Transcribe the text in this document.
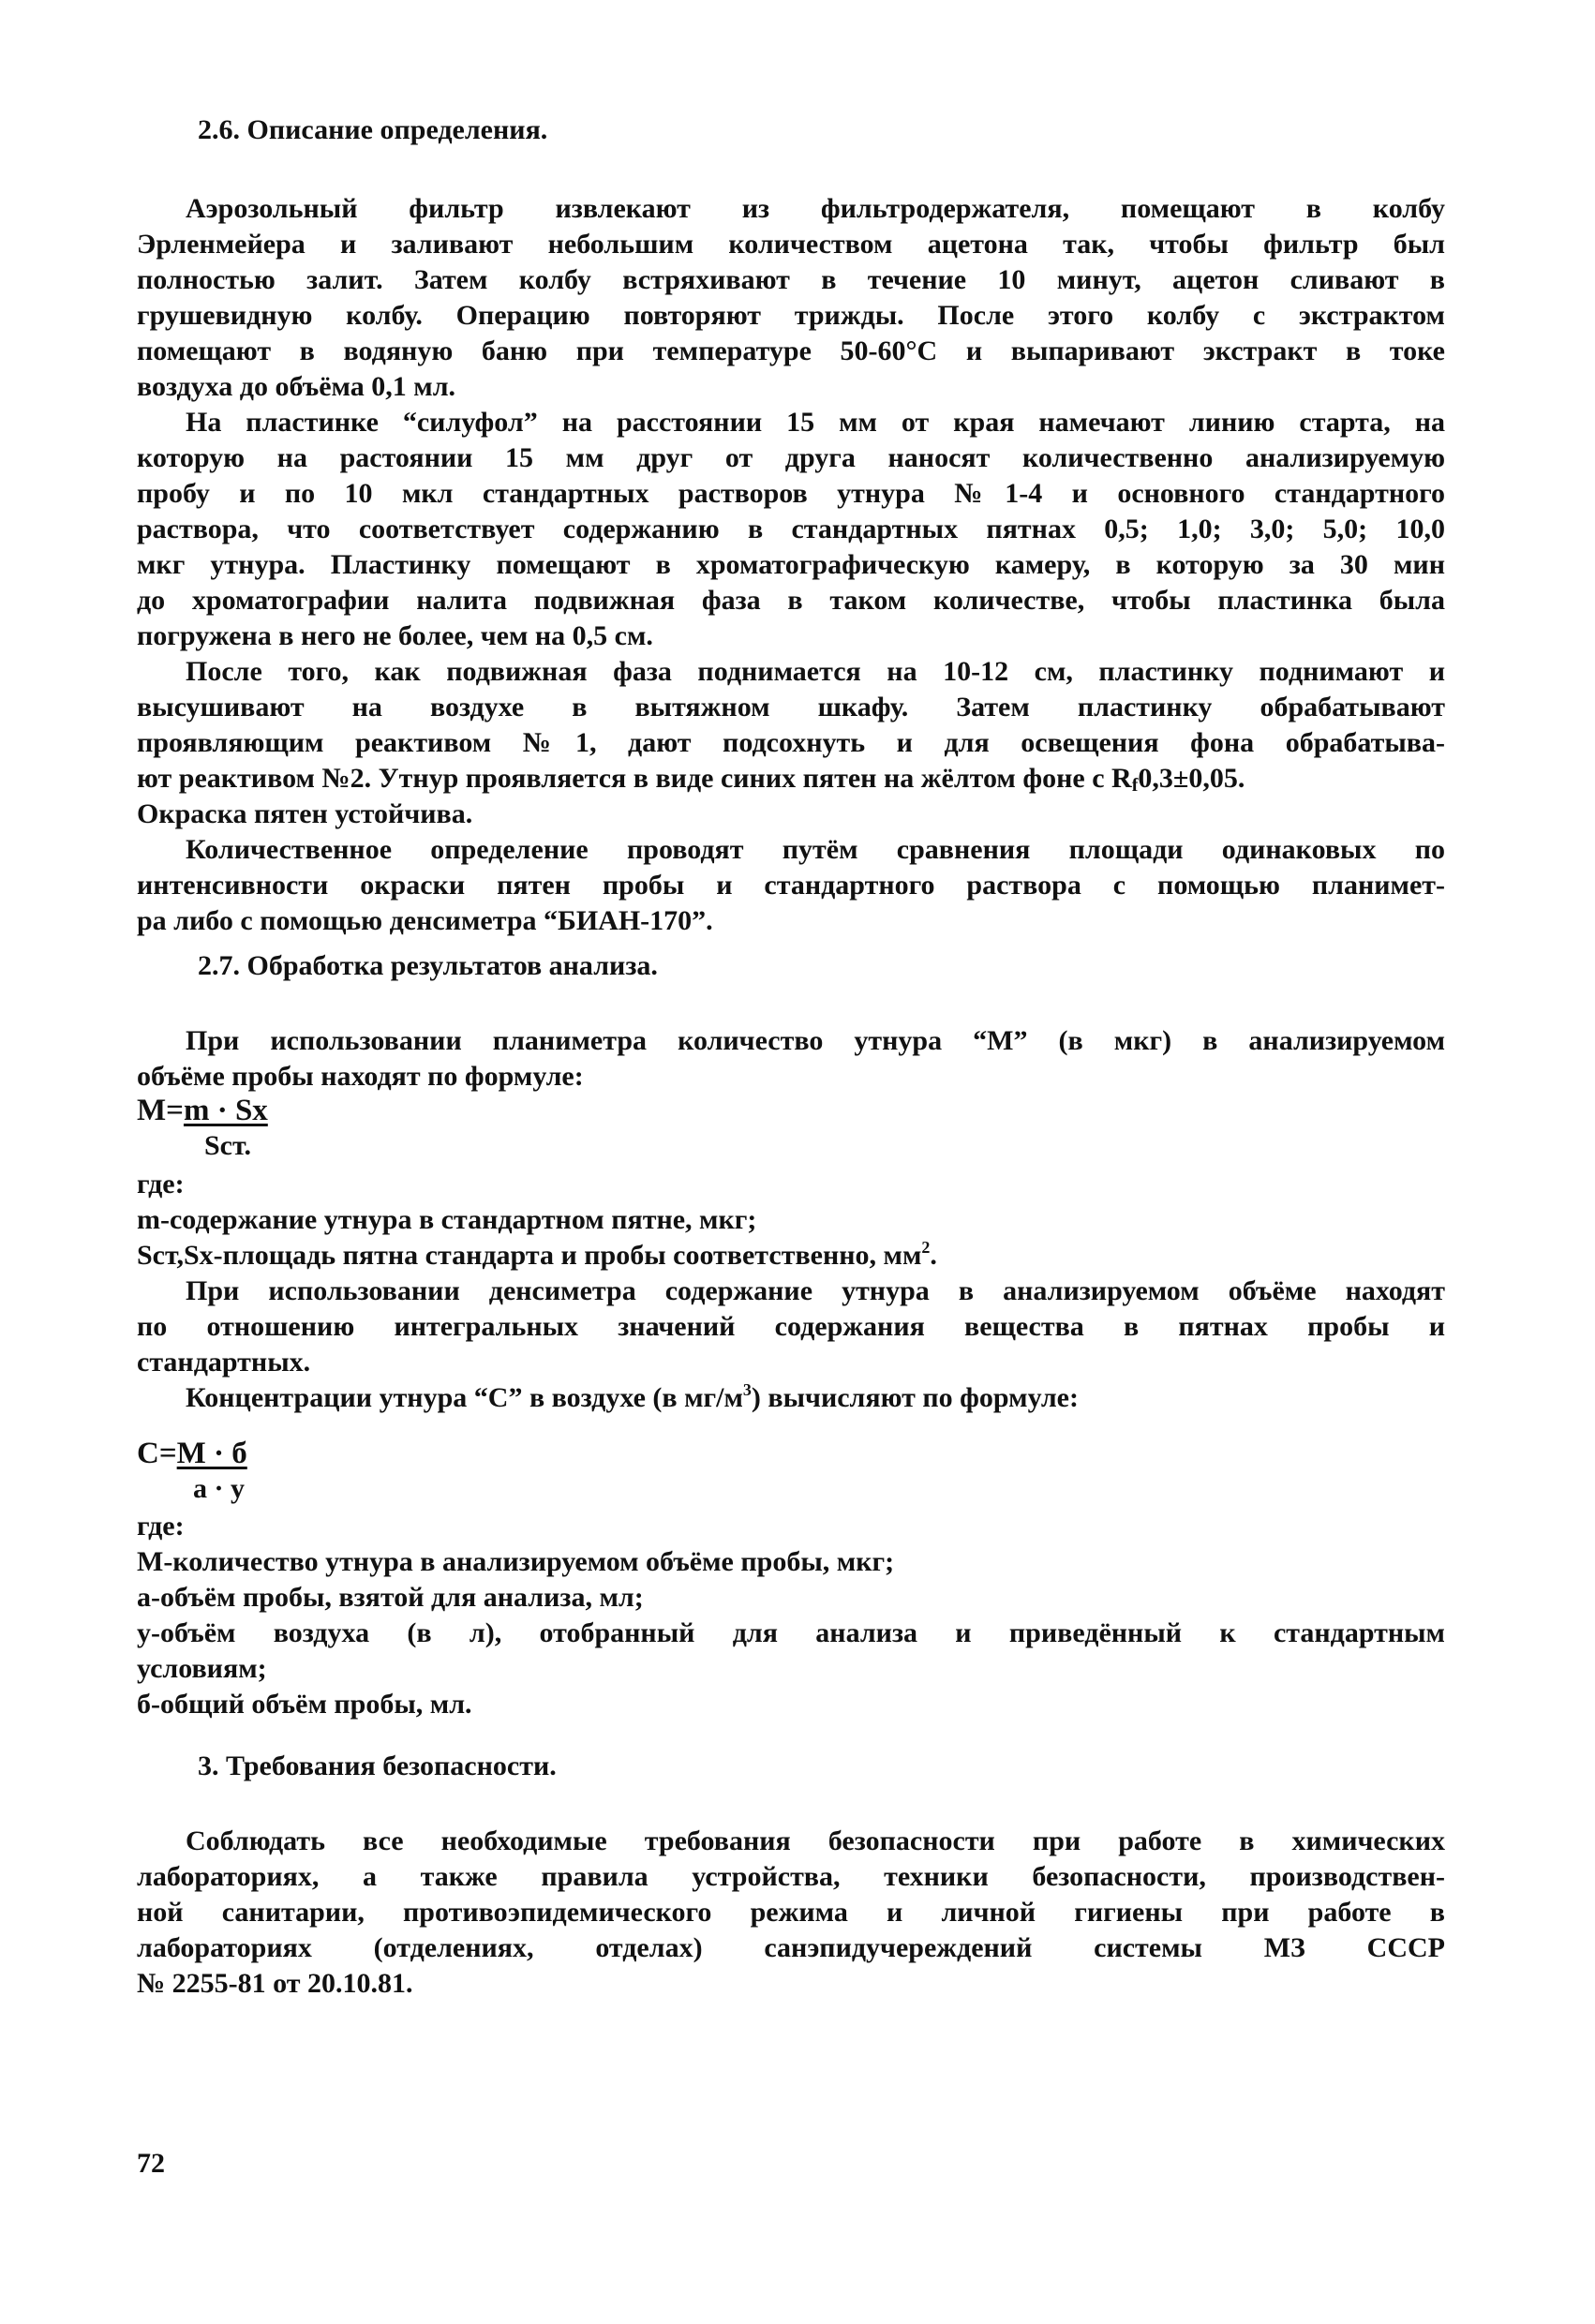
2.6. Описание определения.
Аэрозольный фильтр извлекают из фильтродержателя, помещают в колбу
Эрленмейера и заливают небольшим количеством ацетона так, чтобы фильтр был
полностью залит. Затем колбу встряхивают в течение 10 минут, ацетон сливают в
грушевидную колбу. Операцию повторяют трижды. После этого колбу с экстрактом
помещают в водяную баню при температуре 50-60°С и выпаривают экстракт в токе
воздуха до объёма 0,1 мл.
На пластинке “силуфол” на расстоянии 15 мм от края намечают линию старта, на
которую на растоянии 15 мм друг от друга наносят количественно анализируемую
пробу и по 10 мкл стандартных растворов утнура №1-4 и основного стандартного
раствора, что соответствует содержанию в стандартных пятнах 0,5; 1,0; 3,0; 5,0; 10,0
мкг утнура. Пластинку помещают в хроматографическую камеру, в которую за 30 мин
до хроматографии налита подвижная фаза в таком количестве, чтобы пластинка была
погружена в него не более, чем на 0,5 см.
После того, как подвижная фаза поднимается на 10-12 см, пластинку поднимают и
высушивают на воздухе в вытяжном шкафу. Затем пластинку обрабатывают
проявляющим реактивом №1, дают подсохнуть и для освещения фона обрабатыва-
ют реактивом №2. Утнур проявляется в виде синих пятен на жёлтом фоне с $R_f0,3\pm 0,05$.
Окраска пятен устойчива.
Количественное определение проводят путём сравнения площади одинаковых по
интенсивности окраски пятен пробы и стандартного раствора с помощью планимет-
ра либо с помощью денсиметра “БИАН-170”.
2.7. Обработка результатов анализа.
При использовании планиметра количество утнура “М” (в мкг) в анализируемом
объёме пробы находят по формуле:
M=m · Sx
Sст.
где:
m-содержание утнура в стандартном пятне, мкг;
Sст,Sx-площадь пятна стандарта и пробы соответственно, $мм^2$.
При использовании денсиметра содержание утнура в анализируемом объёме находят
по отношению интегральных значений содержания вещества в пятнах пробы и
стандартных.
Концентрации утнура “С” в воздухе (в $мг/м^3$) вычисляют по формуле:
С=М · б
а · у
где:
М-количество утнура в анализируемом объёме пробы, мкг;
а-объём пробы, взятой для анализа, мл;
у-объём воздуха (в л), отобранный для анализа и приведённый к стандартным
условиям;
б-общий объём пробы, мл.
3. Требования безопасности.
Соблюдать все необходимые требования безопасности при работе в химических
лабораториях, а также правила устройства, техники безопасности, производствен-
ной санитарии, противоэпидемического режима и личной гигиены при работе в
лабораториях (отделениях, отделах) санэпидучереждений системы МЗ СССР
№ 2255-81 от 20.10.81.
72
